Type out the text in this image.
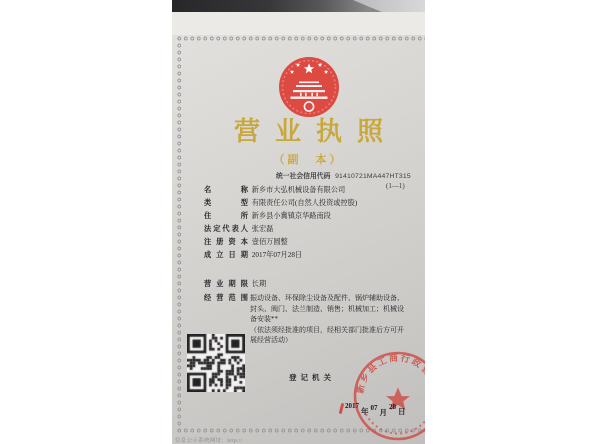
营业执照
（副　本）
统一社会信用代码 91410721MA447HT315
(1—1)
名称 新乡市大弘机械设备有限公司
类型 有限责任公司(自然人投资或控股)
住所 新乡县小冀镇京华路南段
法定代表人 张宏磊
注册资本 壹佰万圆整
成立日期 2017年07月28日
营业期限 长期
经营范围 振动设备、环保除尘设备及配件、锅炉辅助设备、
封头、阀门、法兰制造、销售；机械加工；机械设
备安装**
（依法须经批准的项目，经相关部门批准后方可开
展经营活动）
登记机关
新乡县工商行政管理局
2017年 07 月28 日
信息公示系统网址：http://
